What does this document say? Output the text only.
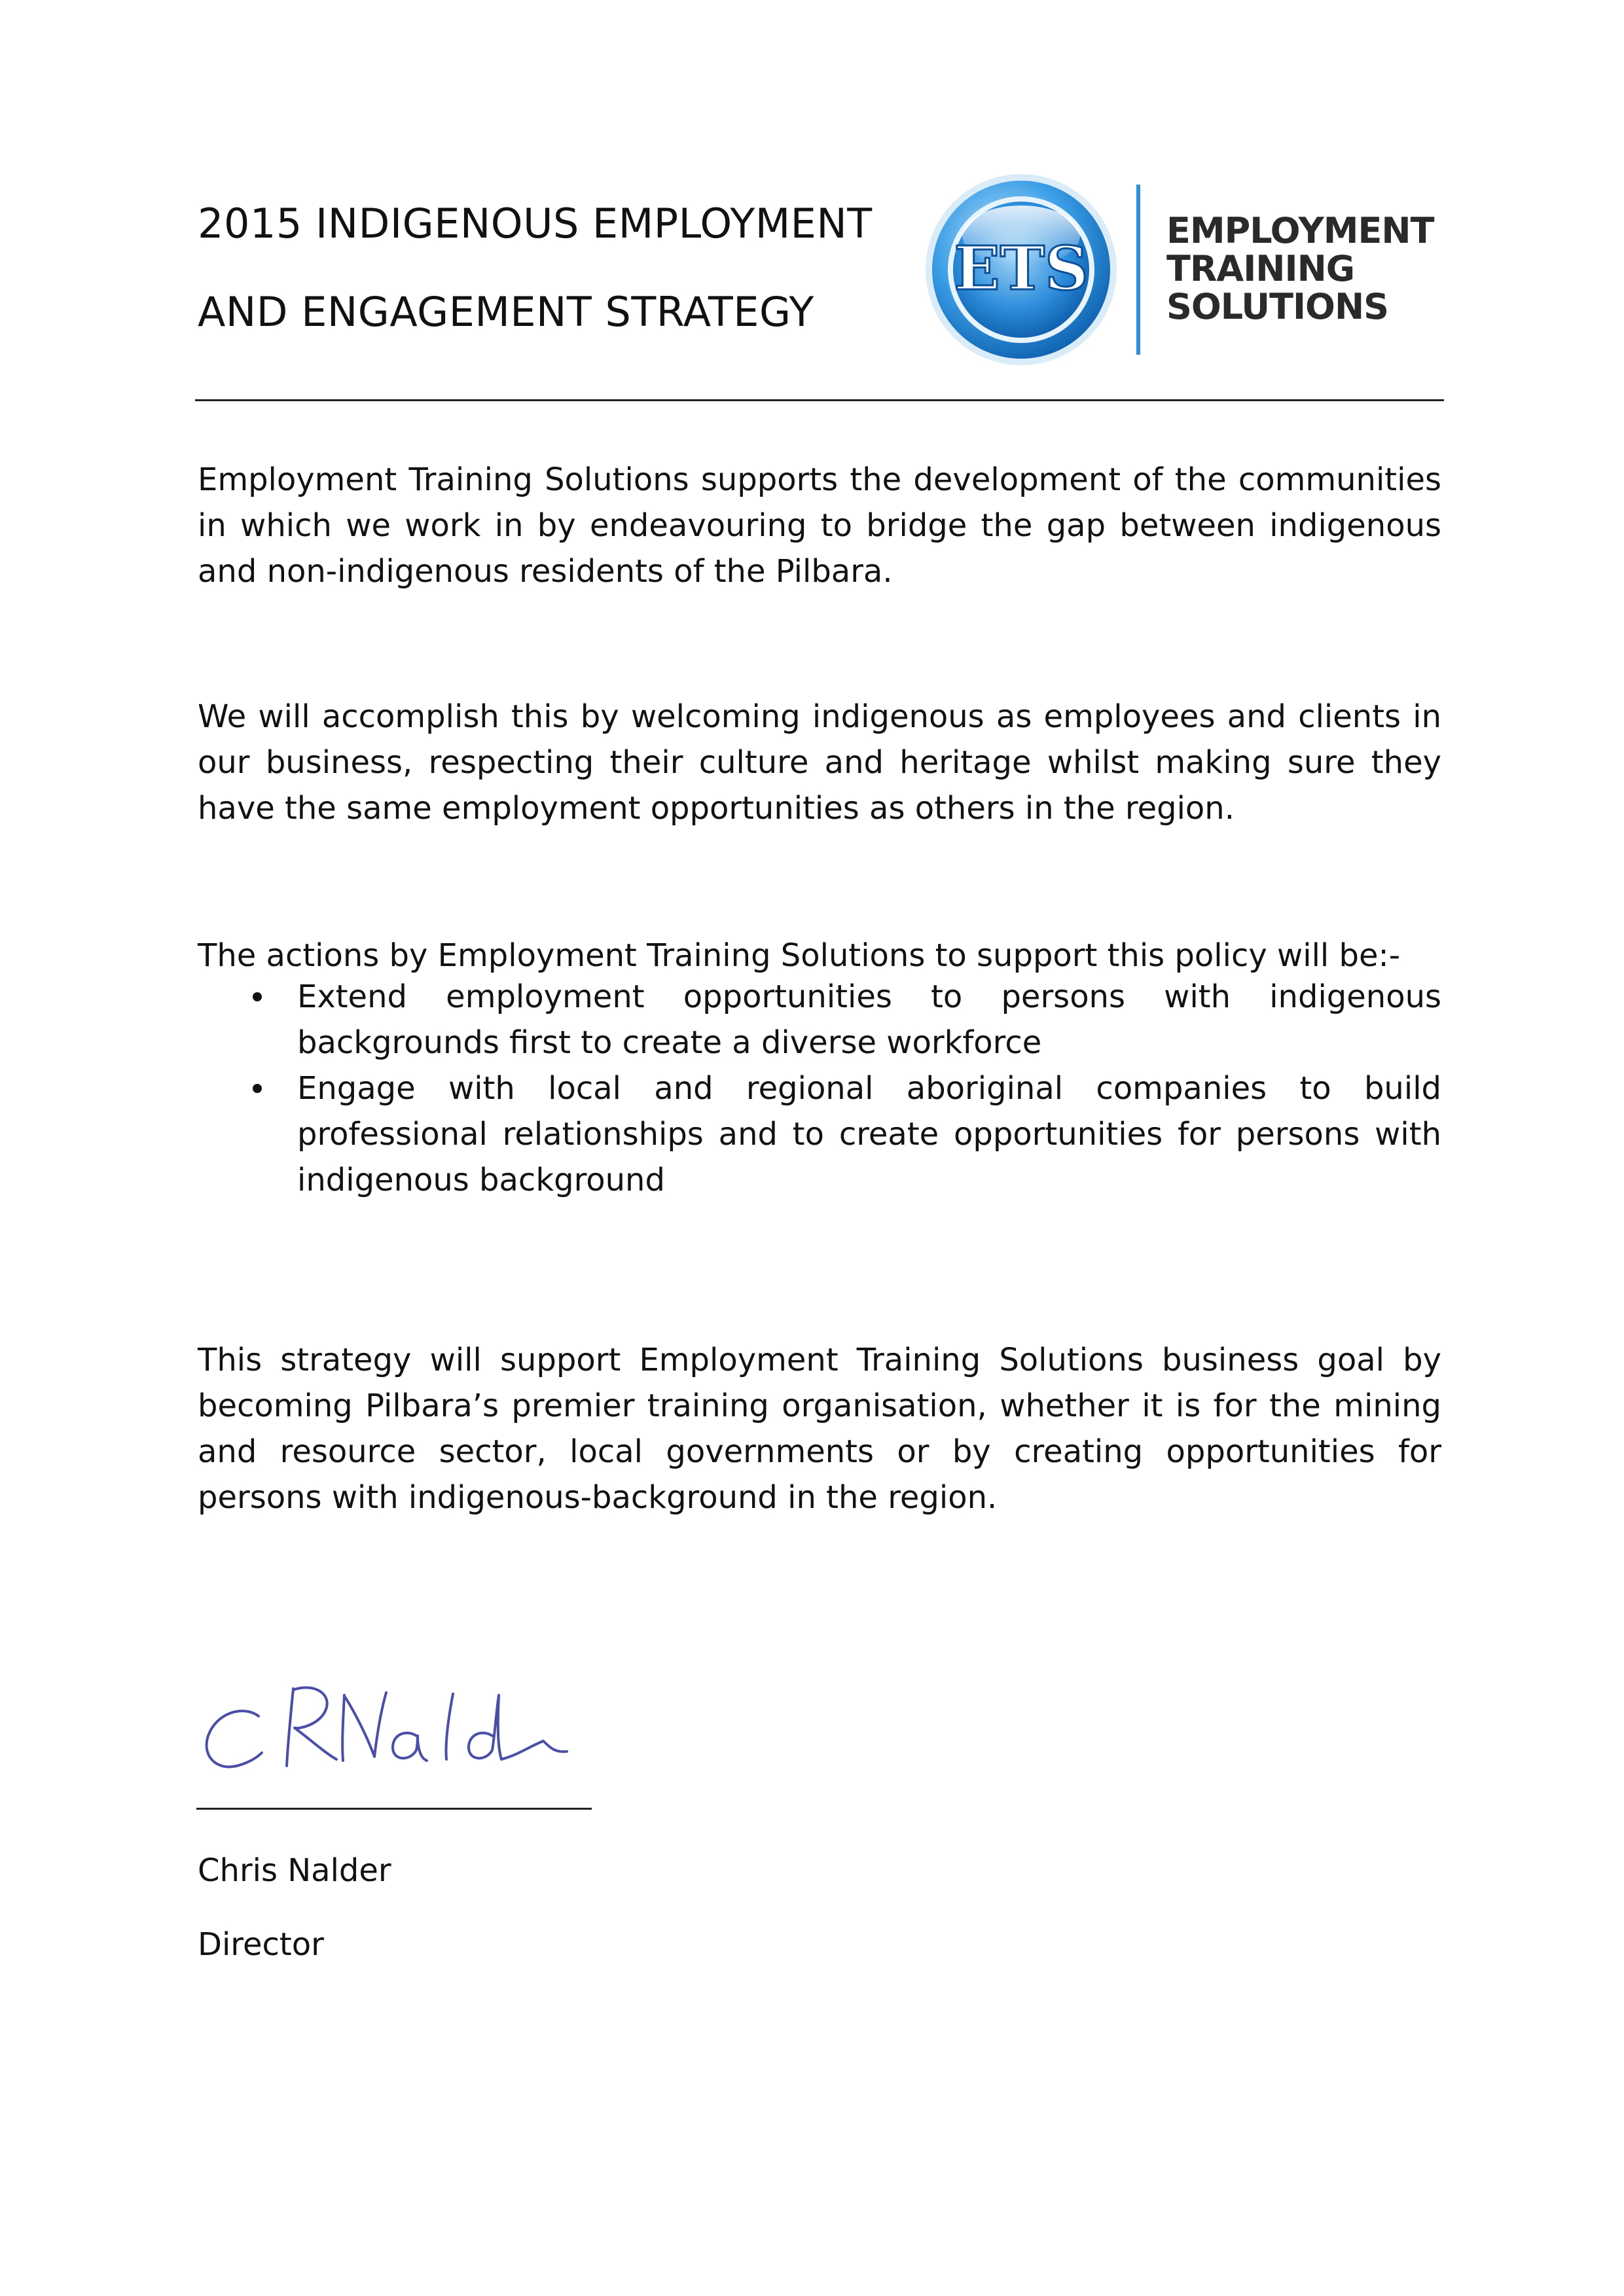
2015 INDIGENOUS EMPLOYMENT
AND ENGAGEMENT STRATEGY
ETS
EMPLOYMENT
TRAINING
SOLUTIONS

Employment Training Solutions supports the development of the communities in which we work in by endeavouring to bridge the gap between indigenous and non-indigenous residents of the Pilbara.

We will accomplish this by welcoming indigenous as employees and clients in our business, respecting their culture and heritage whilst making sure they have the same employment opportunities as others in the region.

The actions by Employment Training Solutions to support this policy will be:-

Extend employment opportunities to persons with indigenous backgrounds first to create a diverse workforce
Engage with local and regional aboriginal companies to build professional relationships and to create opportunities for persons with indigenous background

This strategy will support Employment Training Solutions business goal by becoming Pilbara’s premier training organisation, whether it is for the mining and resource sector, local governments or by creating opportunities for persons with indigenous-background in the region.

Chris Nalder
Director
